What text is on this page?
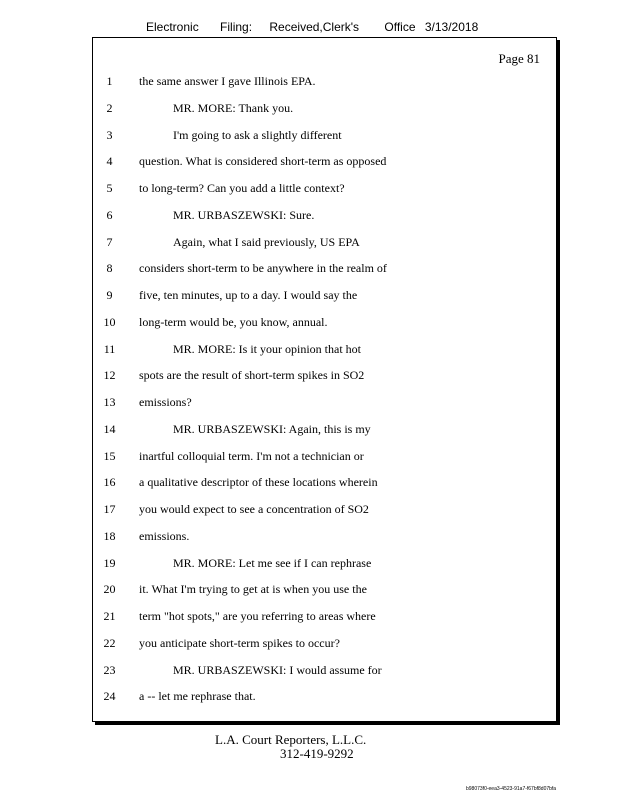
Electronic Filing: Received,Clerk's Office 3/13/2018
Page 81
1	the same answer I gave Illinois EPA.
2	MR. MORE: Thank you.
3	I'm going to ask a slightly different
4	question. What is considered short-term as opposed
5	to long-term? Can you add a little context?
6	MR. URBASZEWSKI: Sure.
7	Again, what I said previously, US EPA
8	considers short-term to be anywhere in the realm of
9	five, ten minutes, up to a day. I would say the
10	long-term would be, you know, annual.
11	MR. MORE: Is it your opinion that hot
12	spots are the result of short-term spikes in SO2
13	emissions?
14	MR. URBASZEWSKI: Again, this is my
15	inartful colloquial term. I'm not a technician or
16	a qualitative descriptor of these locations wherein
17	you would expect to see a concentration of SO2
18	emissions.
19	MR. MORE: Let me see if I can rephrase
20	it. What I'm trying to get at is when you use the
21	term "hot spots," are you referring to areas where
22	you anticipate short-term spikes to occur?
23	MR. URBASZEWSKI: I would assume for
24	a -- let me rephrase that.
L.A. Court Reporters, L.L.C.
312-419-9292
b98073f0-eea3-4523-91a7-f67bf8d07bfa
